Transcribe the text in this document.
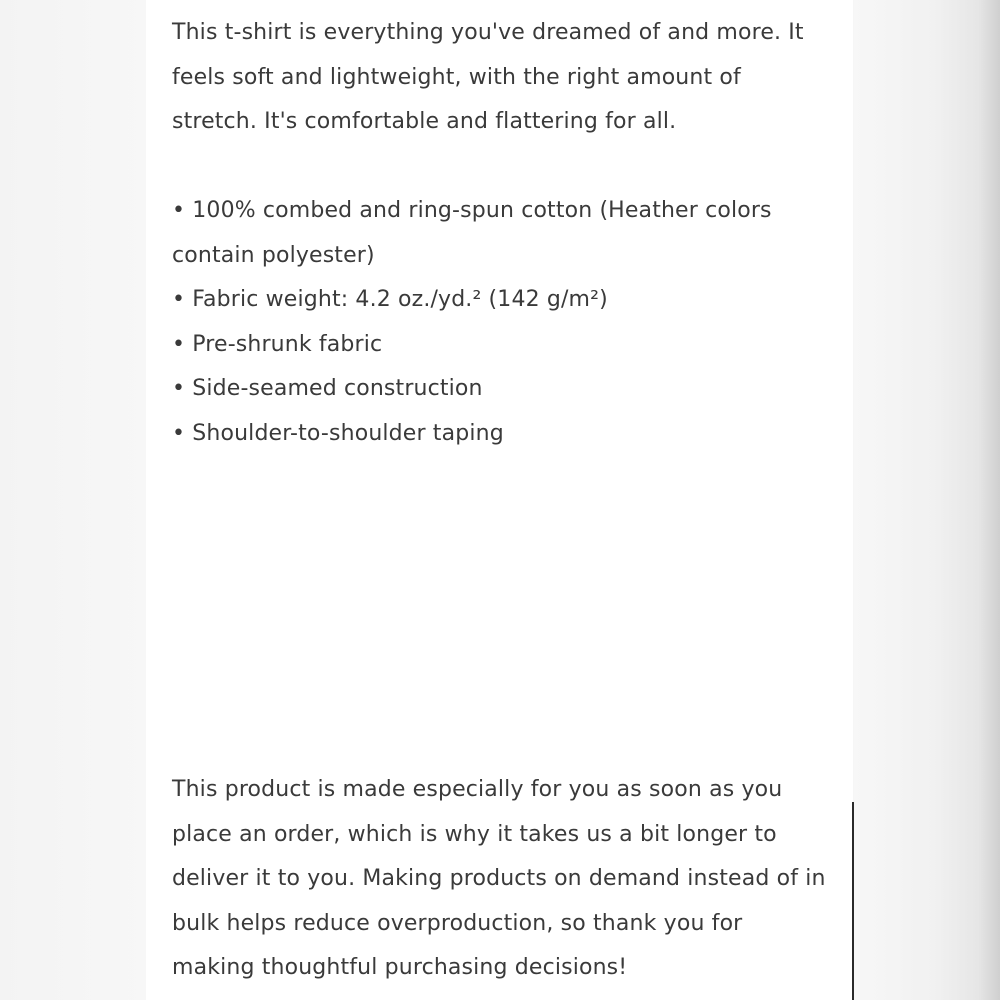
This t-shirt is everything you've dreamed of and more. It feels soft and lightweight, with the right amount of stretch. It's comfortable and flattering for all.

• 100% combed and ring-spun cotton (Heather colors
contain polyester)
• Fabric weight: 4.2 oz./yd.² (142 g/m²)
• Pre-shrunk fabric
• Side-seamed construction
• Shoulder-to-shoulder taping

This product is made especially for you as soon as you place an order, which is why it takes us a bit longer to deliver it to you. Making products on demand instead of in bulk helps reduce overproduction, so thank you for making thoughtful purchasing decisions!
